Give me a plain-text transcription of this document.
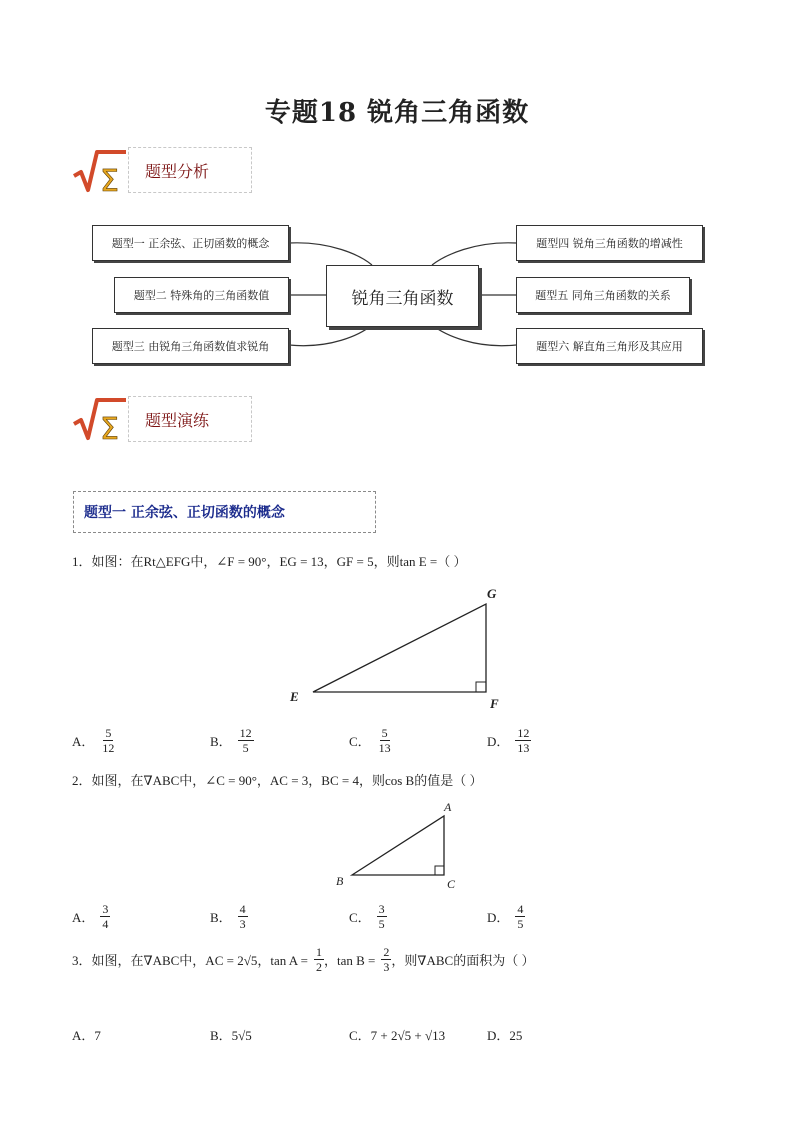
专题18 锐角三角函数
Σ	题型分析
题型一 正余弦、正切函数的概念
题型二 特殊角的三角函数值
题型三 由锐角三角函数值求锐角
锐角三角函数
题型四 锐角三角函数的增减性
题型五 同角三角函数的关系
题型六 解直角三角形及其应用
Σ	题型演练
题型一 正余弦、正切函数的概念
1．如图：在Rt△EFG中，∠F = 90°，EG = 13，GF = 5，则tan E =（ ）
G
E	F
A． $\frac{5}{12}$	B． $\frac{12}{5}$	C． $\frac{5}{13}$	D． $\frac{12}{13}$
2．如图，在∇ABC中，∠C = 90°，AC = 3，BC = 4，则cos B的值是（ ）
A
B	C
A． $\frac{3}{4}$	B． $\frac{4}{3}$	C． $\frac{3}{5}$	D． $\frac{4}{5}$
3．如图，在∇ABC中，AC = 2√5，$\tan A = \frac{1}{2}$ ，$\tan B = \frac{2}{3}$ ，则∇ABC的面积为（ ）
A．7	B．5√5	C．7 + 2√5 + √13	D．25
